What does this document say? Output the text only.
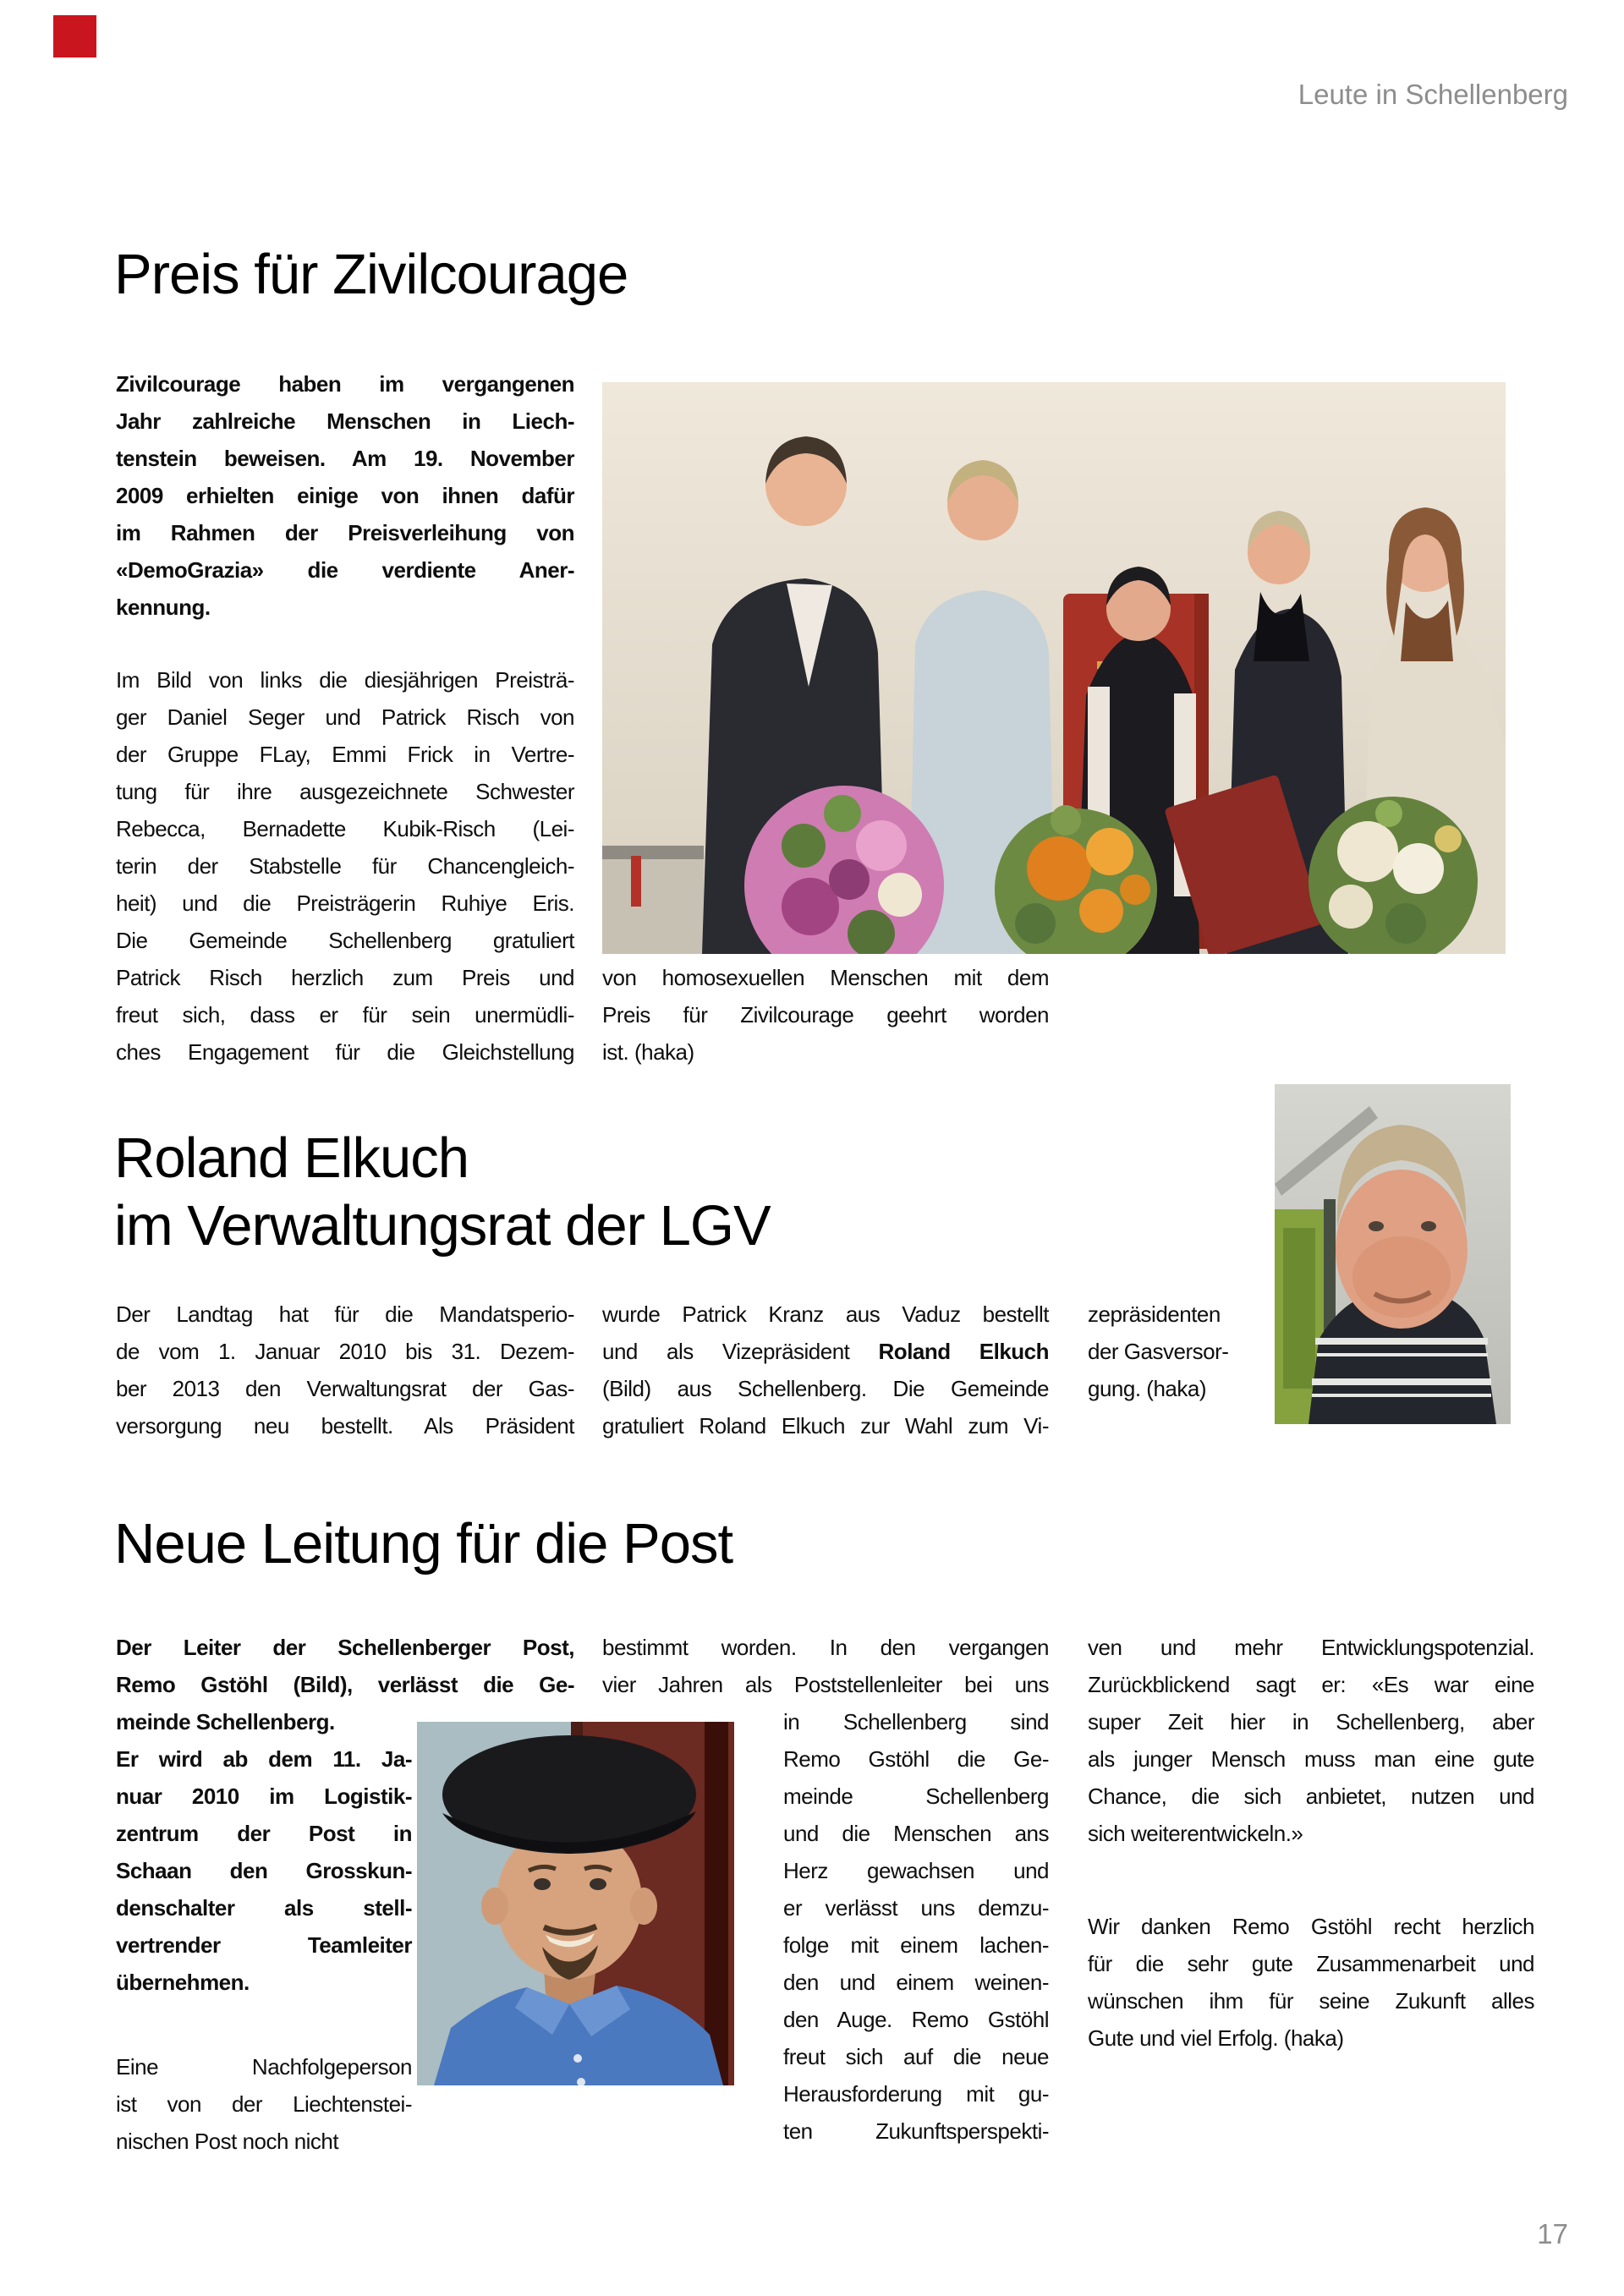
Leute in Schellenberg
Preis für Zivilcourage
Zivilcourage haben im vergangenen
Jahr zahlreiche Menschen in Liech-
tenstein beweisen. Am 19. November
2009 erhielten einige von ihnen dafür
im Rahmen der Preisverleihung von
«DemoGrazia» die verdiente Aner-
kennung.
Im Bild von links die diesjährigen Preisträ-
ger Daniel Seger und Patrick Risch von
der Gruppe FLay, Emmi Frick in Vertre-
tung für ihre ausgezeichnete Schwester
Rebecca, Bernadette Kubik-Risch (Lei-
terin der Stabstelle für Chancengleich-
heit) und die Preisträgerin Ruhiye Eris.
Die Gemeinde Schellenberg gratuliert
Patrick Risch herzlich zum Preis und
freut sich, dass er für sein unermüdli-
ches Engagement für die Gleichstellung
von homosexuellen Menschen mit dem
Preis für Zivilcourage geehrt worden
ist. (haka)
Roland Elkuch
im Verwaltungsrat der LGV
Der Landtag hat für die Mandatsperio-
de vom 1. Januar 2010 bis 31. Dezem-
ber 2013 den Verwaltungsrat der Gas-
versorgung neu bestellt. Als Präsident
wurde Patrick Kranz aus Vaduz bestellt
und als Vizepräsident Roland Elkuch
(Bild) aus Schellenberg. Die Gemeinde
gratuliert Roland Elkuch zur Wahl zum Vi-
zepräsidenten
der Gasversor-
gung. (haka)
Neue Leitung für die Post
Der Leiter der Schellenberger Post,
Remo Gstöhl (Bild), verlässt die Ge-
meinde Schellenberg.
Er wird ab dem 11. Ja-
nuar 2010 im Logistik-
zentrum der Post in
Schaan den Grosskun-
denschalter als stell-
vertrender Teamleiter
übernehmen.
Eine Nachfolgeperson
ist von der Liechtenstei-
nischen Post noch nicht
bestimmt worden. In den vergangen
vier Jahren als Poststellenleiter bei uns
in Schellenberg sind
Remo Gstöhl die Ge-
meinde Schellenberg
und die Menschen ans
Herz gewachsen und
er verlässt uns demzu-
folge mit einem lachen-
den und einem weinen-
den Auge. Remo Gstöhl
freut sich auf die neue
Herausforderung mit gu-
ten Zukunftsperspekti-
ven und mehr Entwicklungspotenzial.
Zurückblickend sagt er: «Es war eine
super Zeit hier in Schellenberg, aber
als junger Mensch muss man eine gute
Chance, die sich anbietet, nutzen und
sich weiterentwickeln.»
Wir danken Remo Gstöhl recht herzlich
für die sehr gute Zusammenarbeit und
wünschen ihm für seine Zukunft alles
Gute und viel Erfolg. (haka)
17
